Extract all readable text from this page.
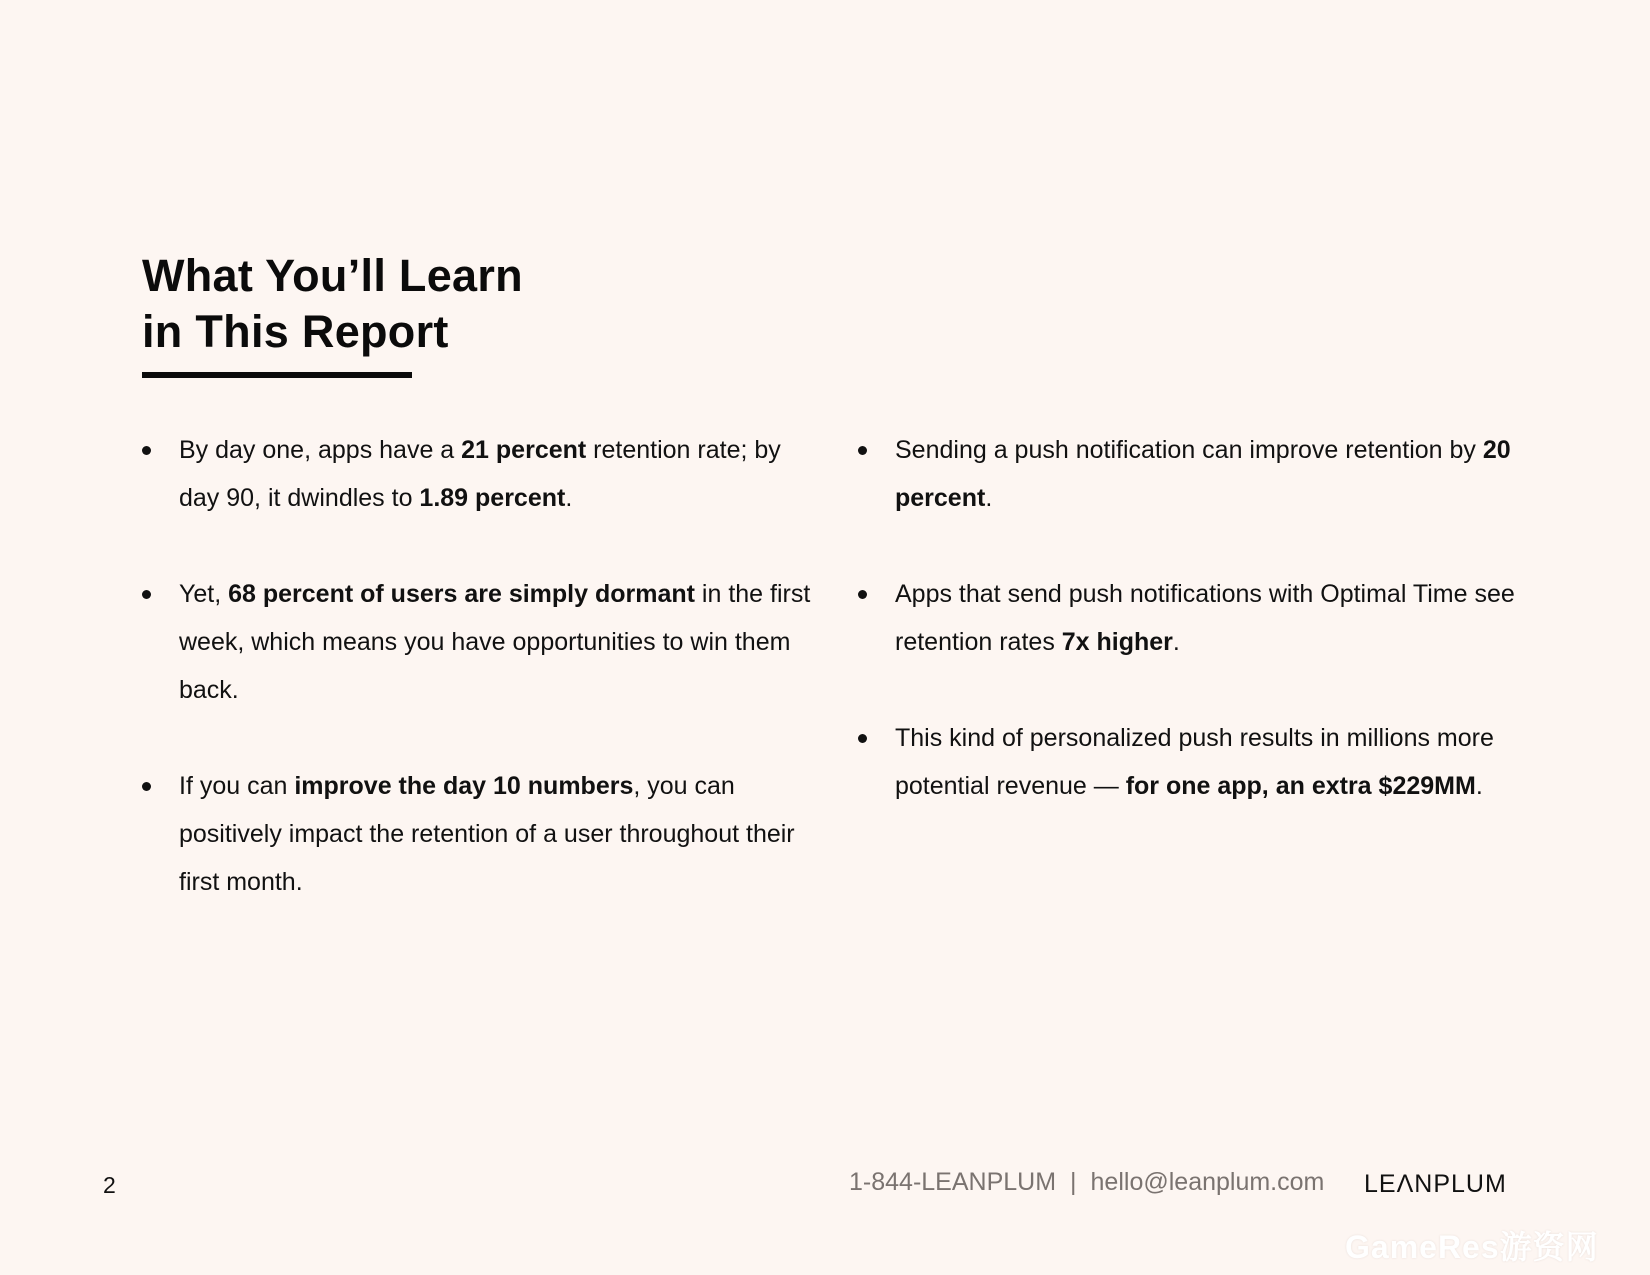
What You’ll Learn
in This Report
By day one, apps have a 21 percent retention rate; by day 90, it dwindles to 1.89 percent.
Yet, 68 percent of users are simply dormant in the first week, which means you have opportunities to win them back.
If you can improve the day 10 numbers, you can positively impact the retention of a user throughout their first month.
Sending a push notification can improve retention by 20 percent.
Apps that send push notifications with Optimal Time see retention rates 7x higher.
This kind of personalized push results in millions more potential revenue — for one app, an extra $229MM.
2	1-844-LEANPLUM | hello@leanplum.com LEΛNPLUM
GameRes游资网
